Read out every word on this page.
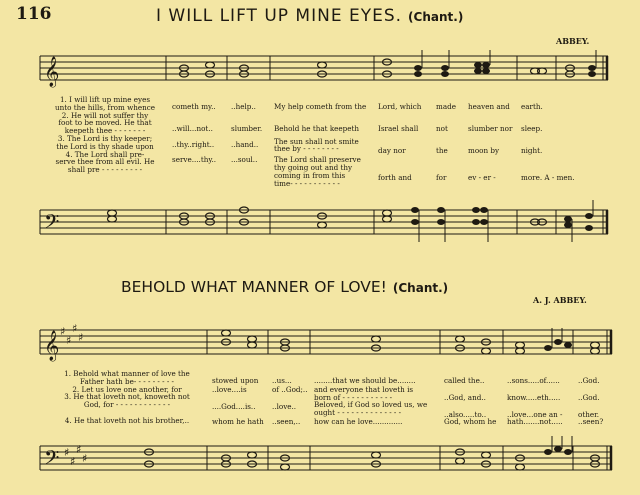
116	I WILL LIFT UP MINE EYES. (Chant.)
ABBEY.
𝄞
1. I will lift up mine eyes
unto the hills, from whence
2. He will not suffer thy
foot to be moved. He that
keepeth thee - - - - - - -
3. The Lord is thy keeper;
the Lord is thy shade upon
4. The Lord shall pre-
serve thee from all evil. He
shall pre - - - - - - - - -
cometh my..
..will...not..
..thy..right..
serve....thy..
..help..
slumber.
..hand..
...soul..
My help cometh from the
Behold he that keepeth
The sun shall not smite
thee by - - - - - - - -
The Lord shall preserve
thy going out and thy
coming in from this
time- - - - - - - - - - -
Lord, which
Israel shall
day nor
forth and
made
not
the
for
heaven and
slumber nor
moon by
ev - er -
earth.
sleep.
night.
more. A - men.
𝄢
BEHOLD WHAT MANNER OF LOVE! (Chant.)
A. J. ABBEY.
𝄞 ♯
♯
♯
♯
1. Behold what manner of love the
Father hath be- - - - - - - - -
2. Let us love one another, for
3. He that loveth not, knoweth not
God, for - - - - - - - - - - - -
4. He that loveth not his brother,..
stowed upon
..love....is
....God....is..
whom he hath
..us...
of ..God;..
..love..
..seen,..
........that we should be........
and everyone that loveth is
born of - - - - - - - - - - -
Beloved, if God so loved us, we
ought - - - - - - - - - - - - - -
how can he love.............
called the..
..God, and..
..also.....to..
God, whom he
..sons.....of......
know.....eth.....
..love...one an -
hath.......not.....
..God.
..God.
other.
..seen?
𝄢 ♯
♯
♯
♯
